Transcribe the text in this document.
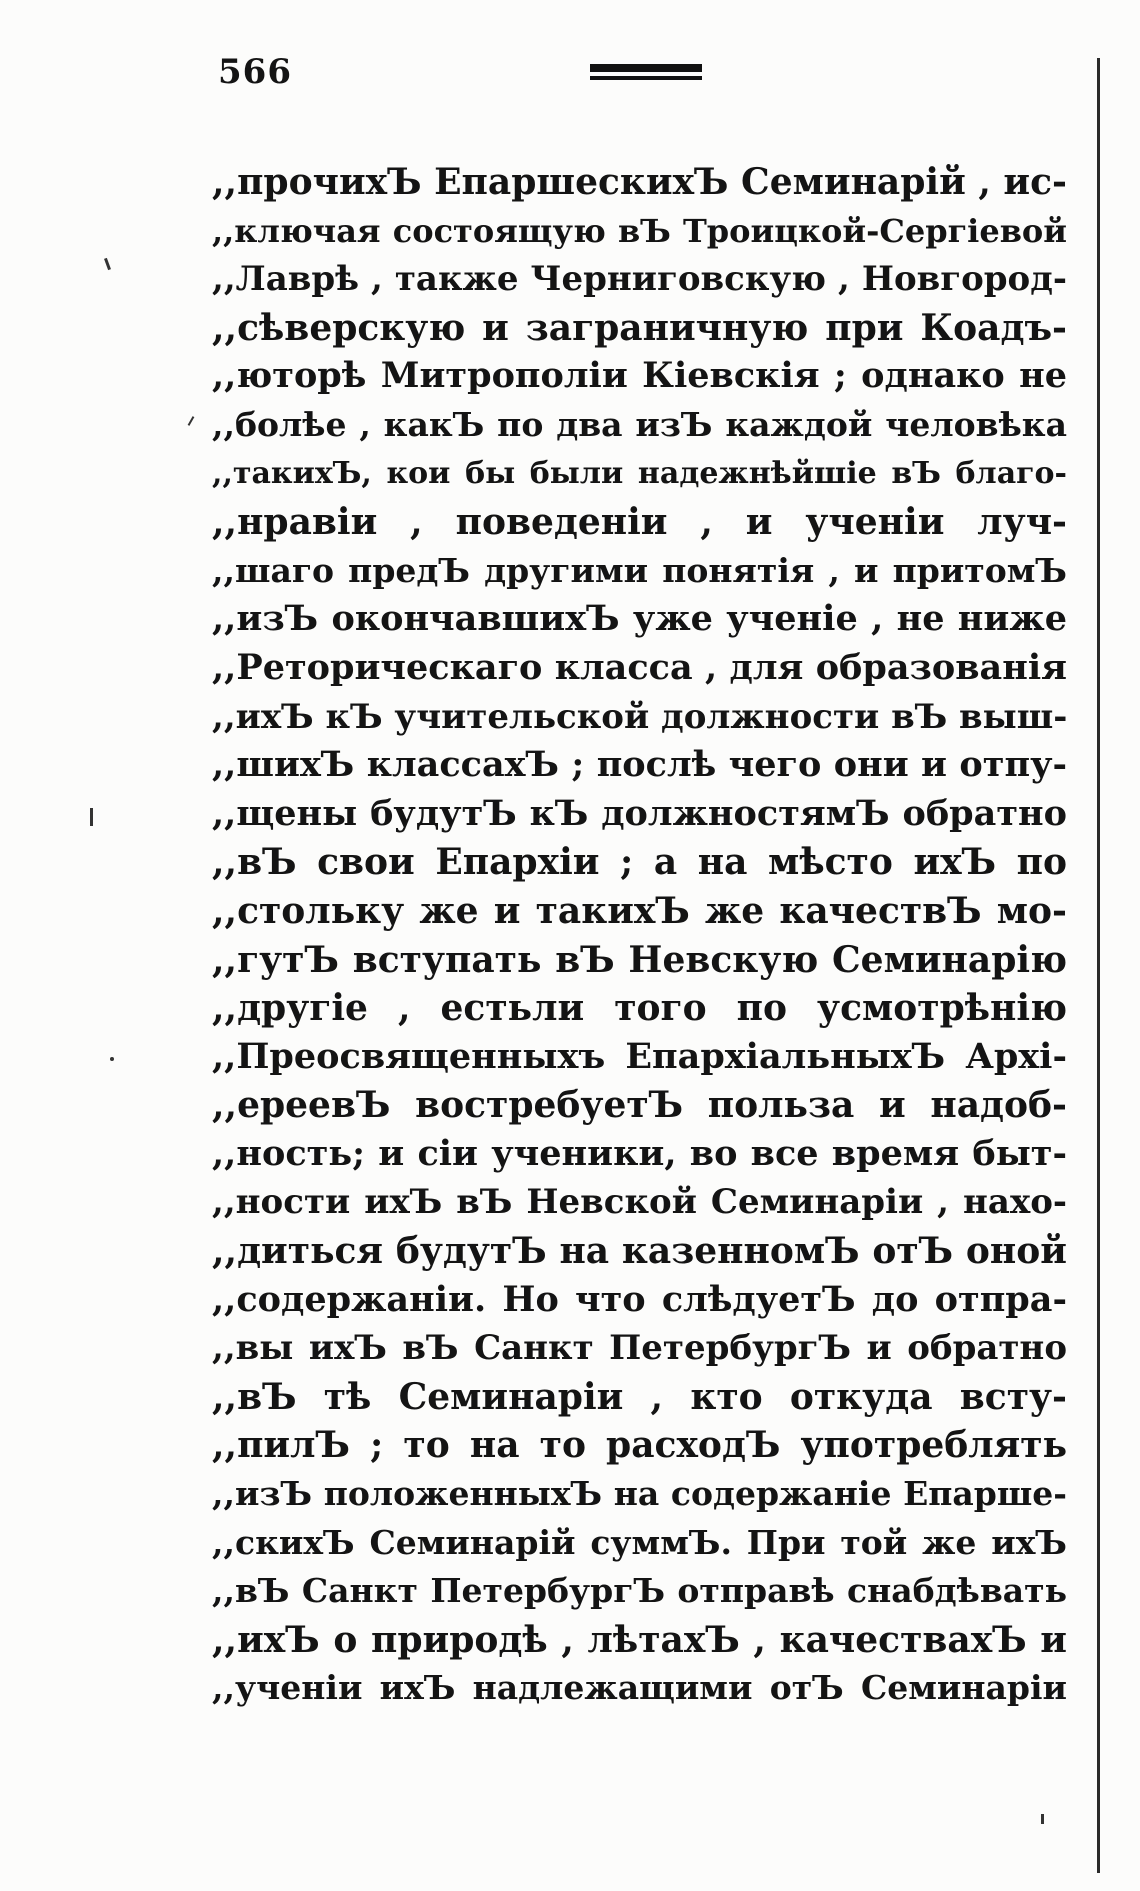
566
,,прочихЪ ЕпаршескихЪ Семинарій , ис-
,,ключая состоящую вЪ Троицкой-Сергіевой
,,Лаврѣ , также Черниговскую , Новгород-
,,сѣверскую и заграничную при Коадъ-
,,юторѣ Митрополіи Кіевскія ; однако не
,,болѣе , какЪ по два изЪ каждой человѣка
,,такихЪ, кои бы были надежнѣйшіе вЪ благо-
,,нравіи , поведеніи , и ученіи луч-
,,шаго предЪ другими понятія , и притомЪ
,,изЪ окончавшихЪ уже ученіе , не ниже
,,Реторическаго класса , для образованія
,,ихЪ кЪ учительской должности вЪ выш-
,,шихЪ классахЪ ; послѣ чего они и отпу-
,,щены будутЪ кЪ должностямЪ обратно
,,вЪ свои Епархіи ; а на мѣсто ихЪ по
,,стольку же и такихЪ же качествЪ мо-
,,гутЪ вступать вЪ Невскую Семинарію
,,другіе , естьли того по усмотрѣнію
,,Преосвященныхъ ЕпархіальныхЪ Архі-
,,ереевЪ востребуетЪ польза и надоб-
,,ность; и сіи ученики, во все время быт-
,,ности ихЪ вЪ Невской Семинаріи , нахо-
,,диться будутЪ на казенномЪ отЪ оной
,,содержаніи. Но что слѣдуетЪ до отпра-
,,вы ихЪ вЪ Санкт ПетербургЪ и обратно
,,вЪ тѣ Семинаріи , кто откуда всту-
,,пилЪ ; то на то расходЪ употреблять
,,изЪ положенныхЪ на содержаніе Епарше-
,,скихЪ Семинарій суммЪ. При той же ихЪ
,,вЪ Санкт ПетербургЪ отправѣ снабдѣвать
,,ихЪ о природѣ , лѣтахЪ , качествахЪ и
,,ученіи ихЪ надлежащими отЪ Семинаріи
